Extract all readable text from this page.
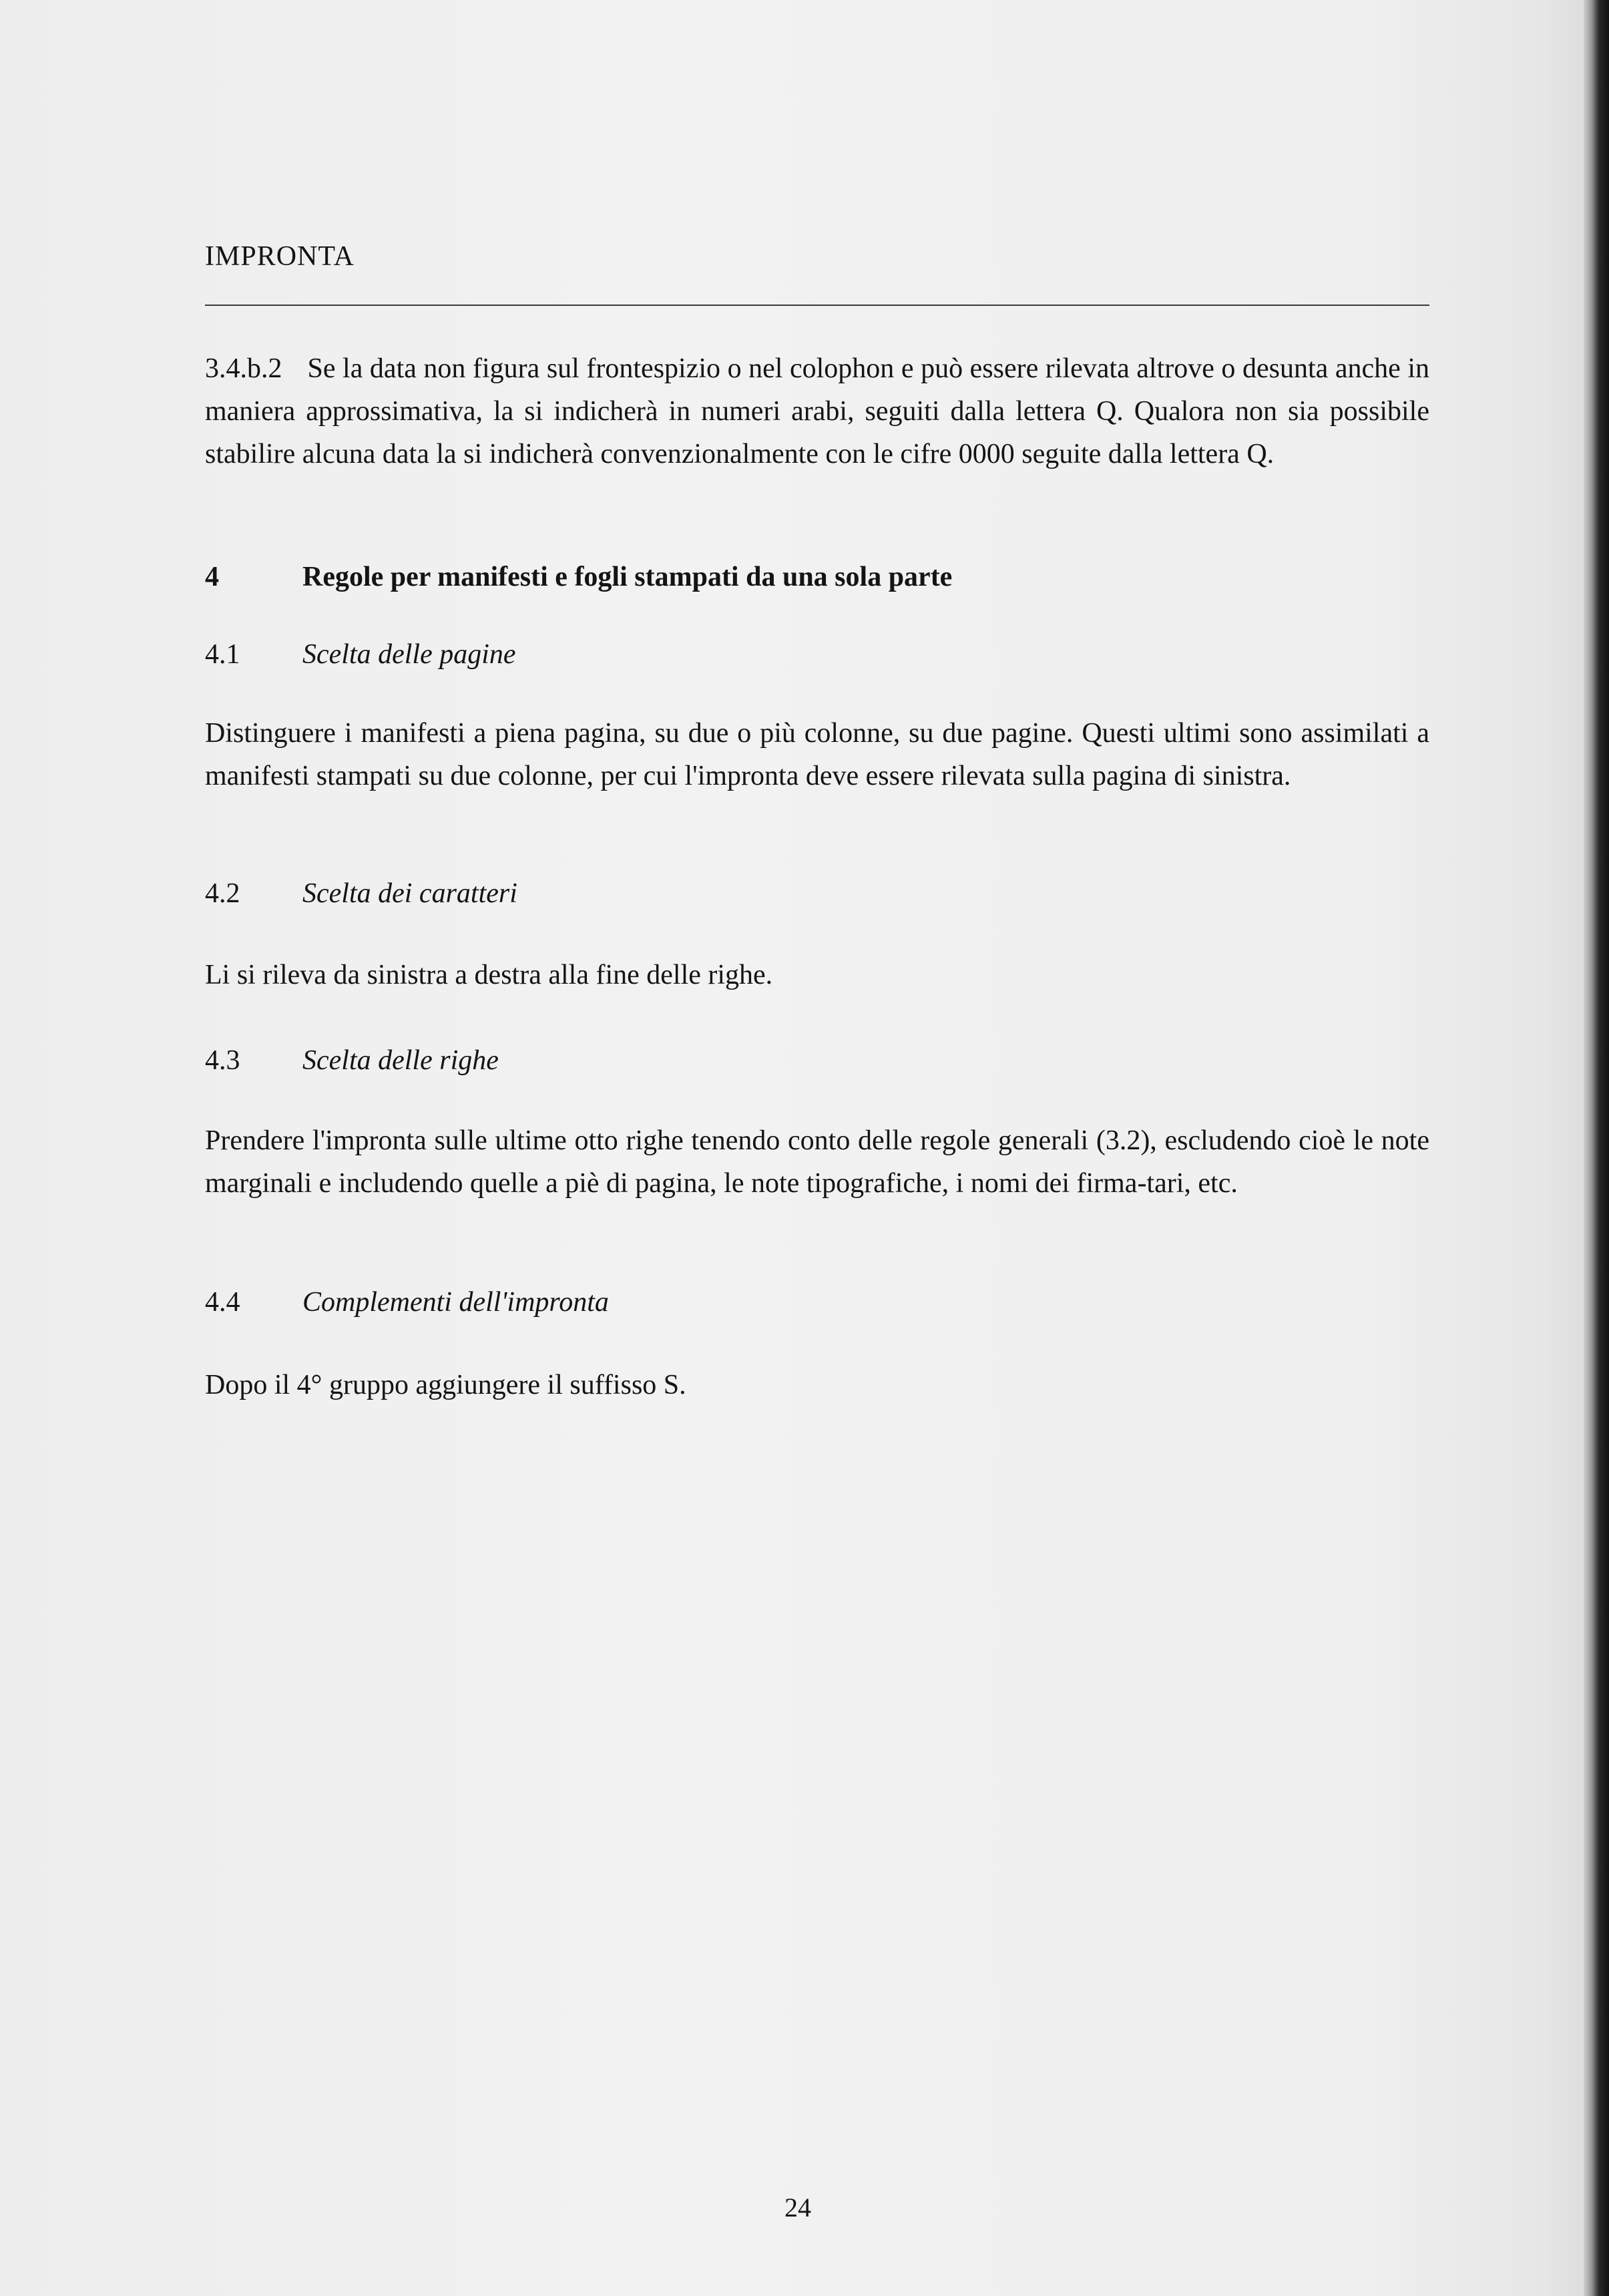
IMPRONTA
3.4.b.2 Se la data non figura sul frontespizio o nel colophon e può essere rilevata altrove o desunta anche in maniera approssimativa, la si indicherà in numeri arabi, seguiti dalla lettera Q. Qualora non sia possibile stabilire alcuna data la si indicherà convenzionalmente con le cifre 0000 seguite dalla lettera Q.
4	Regole per manifesti e fogli stampati da una sola parte
4.1 Scelta delle pagine
Distinguere i manifesti a piena pagina, su due o più colonne, su due pagine. Questi ultimi sono assimilati a manifesti stampati su due colonne, per cui l'impronta deve essere rilevata sulla pagina di sinistra.
4.2 Scelta dei caratteri
Li si rileva da sinistra a destra alla fine delle righe.
4.3 Scelta delle righe
Prendere l'impronta sulle ultime otto righe tenendo conto delle regole generali (3.2), escludendo cioè le note marginali e includendo quelle a piè di pagina, le note tipografiche, i nomi dei firma-tari, etc.
4.4 Complementi dell'impronta
Dopo il 4° gruppo aggiungere il suffisso S.
24
